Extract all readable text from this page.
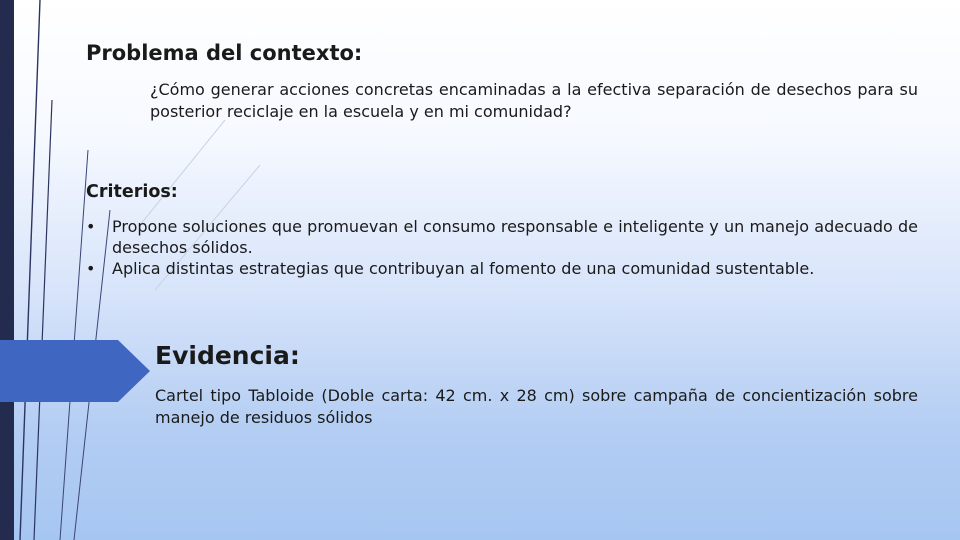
Problema del contexto:

¿Cómo generar acciones concretas encaminadas a la efectiva separación de desechos para su posterior reciclaje en la escuela y en mi comunidad?

Criterios:
• Propone soluciones que promuevan el consumo responsable e inteligente y un manejo adecuado de desechos sólidos.
• Aplica distintas estrategias que contribuyan al fomento de una comunidad sustentable.
Evidencia:

Cartel tipo Tabloide (Doble carta: 42 cm. x 28 cm) sobre campaña de concientización sobre manejo de residuos sólidos
